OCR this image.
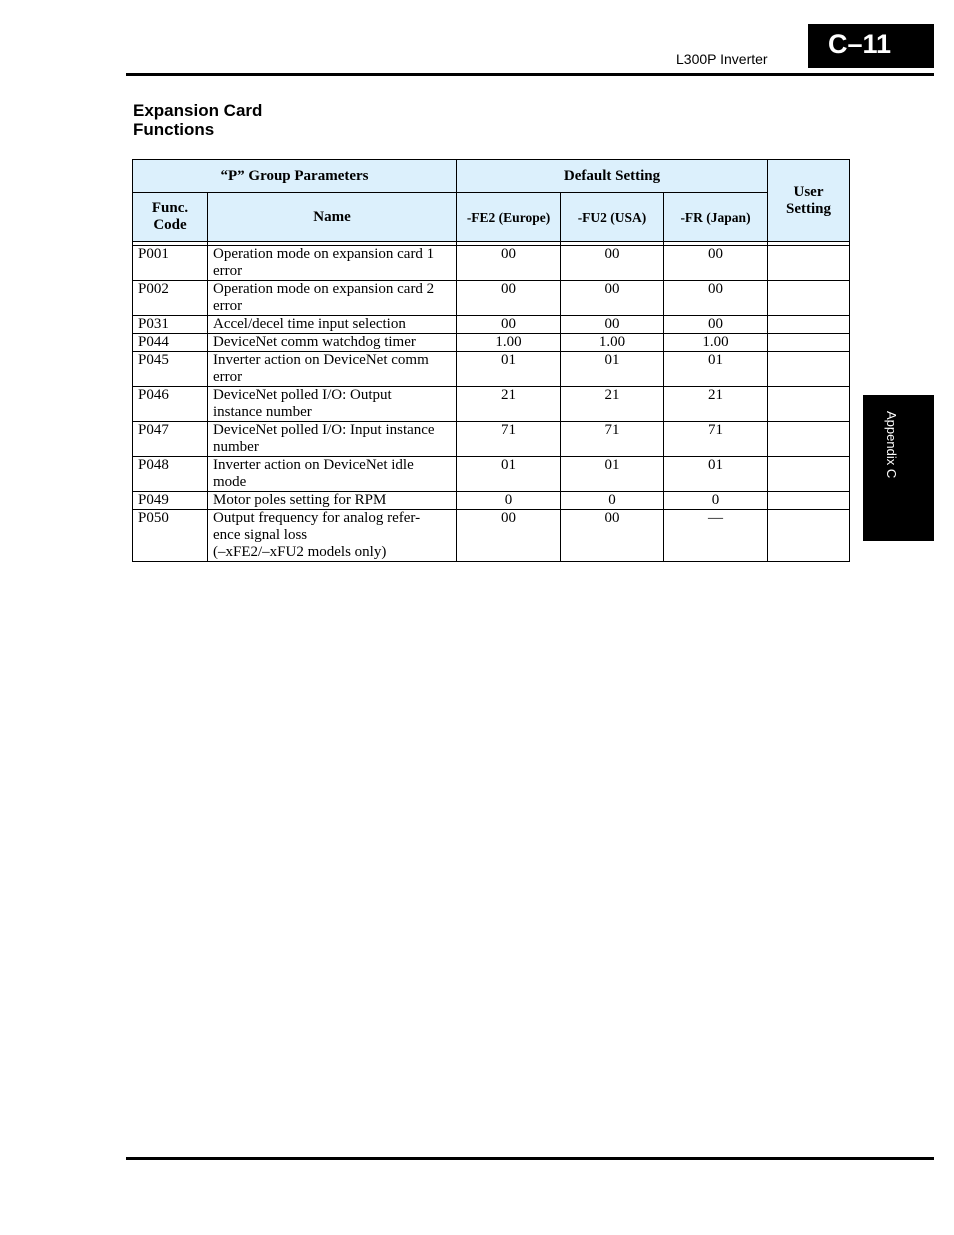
L300P Inverter	C–11
Expansion Card
Functions
Appendix C
“P” Group Parameters		Default Setting			User
Setting

Func.
Code	Name	-FE2 (Europe)	-FU2 (USA)	-FR (Japan)	

P001	Operation mode on expansion card 1
error	00	00	00	
P002	Operation mode on expansion card 2
error	00	00	00	
P031	Accel/decel time input selection	00	00	00	
P044	DeviceNet comm watchdog timer	1.00	1.00	1.00	
P045	Inverter action on DeviceNet comm
error	01	01	01	
P046	DeviceNet polled I/O: Output
instance number	21	21	21	
P047	DeviceNet polled I/O: Input instance
number	71	71	71	
P048	Inverter action on DeviceNet idle
mode	01	01	01	
P049	Motor poles setting for RPM	0	0	0	
P050	Output frequency for analog refer-
ence signal loss
(–xFE2/–xFU2 models only)	00	00	—	
